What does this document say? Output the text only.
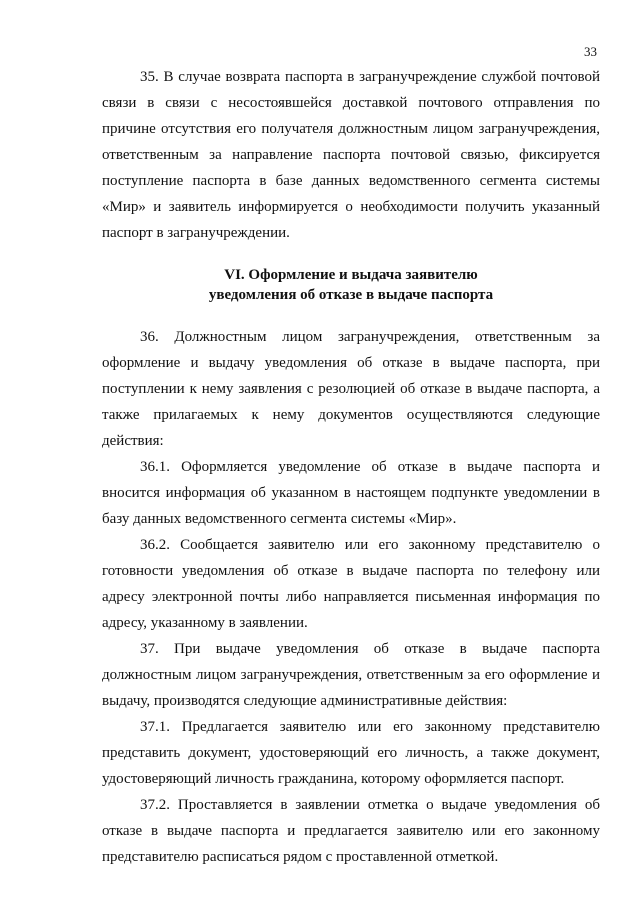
33

35. В случае возврата паспорта в загранучреждение службой почтовой связи в связи с несостоявшейся доставкой почтового отправления по причине отсутствия его получателя должностным лицом загранучреждения, ответственным за направление паспорта почтовой связью, фиксируется поступление паспорта в базе данных ведомственного сегмента системы «Мир» и заявитель информируется о необходимости получить указанный паспорт в загранучреждении.

VI. Оформление и выдача заявителю
уведомления об отказе в выдаче паспорта

36. Должностным лицом загранучреждения, ответственным за оформление и выдачу уведомления об отказе в выдаче паспорта, при поступлении к нему заявления с резолюцией об отказе в выдаче паспорта, а также прилагаемых к нему документов осуществляются следующие действия:

36.1. Оформляется уведомление об отказе в выдаче паспорта и вносится информация об указанном в настоящем подпункте уведомлении в базу данных ведомственного сегмента системы «Мир».

36.2. Сообщается заявителю или его законному представителю о готовности уведомления об отказе в выдаче паспорта по телефону или адресу электронной почты либо направляется письменная информация по адресу, указанному в заявлении.

37. При выдаче уведомления об отказе в выдаче паспорта должностным лицом загранучреждения, ответственным за его оформление и выдачу, производятся следующие административные действия:

37.1. Предлагается заявителю или его законному представителю представить документ, удостоверяющий его личность, а также документ, удостоверяющий личность гражданина, которому оформляется паспорт.

37.2. Проставляется в заявлении отметка о выдаче уведомления об отказе в выдаче паспорта и предлагается заявителю или его законному представителю расписаться рядом с проставленной отметкой.
